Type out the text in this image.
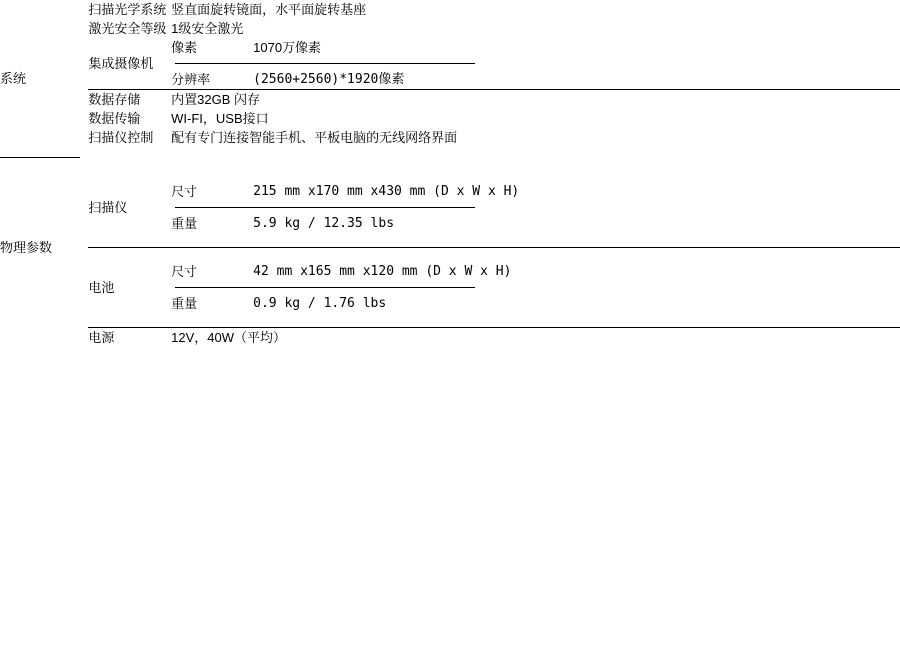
系统	扫描光学系统	竖直面旋转镜面，水平面旋转基座
	激光安全等级	1级安全激光
	集成摄像机	像素 1070万像素
分辨率 (2560+2560)*1920像素

	数据存储	内置32GB 闪存
	数据传输	WI-FI，USB接口
	扫描仪控制	配有专门连接智能手机、平板电脑的无线网络界面

物理参数	扫描仪	尺寸 215 mm x170 mm x430 mm (D x W x H)
重量 5.9 kg / 12.35 lbs

	电池	尺寸 42 mm x165 mm x120 mm (D x W x H)
重量 0.9 kg / 1.76 lbs

	电源	12V，40W（平均）
